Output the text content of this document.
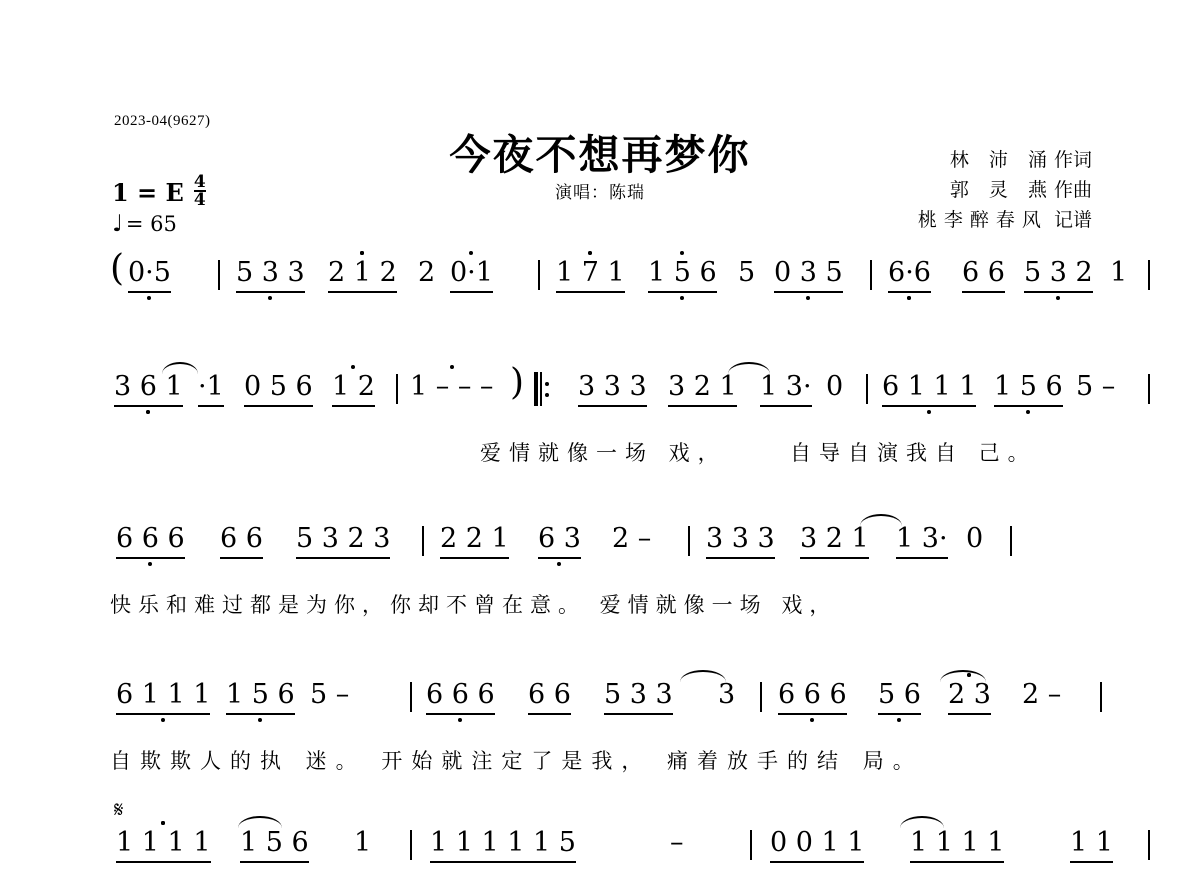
2023-04(9627)
今夜不想再梦你
演唱：陈瑞
林 沛 涌作词
郭 灵 燕作曲
桃李醉春风 记谱
1 = E $\frac{4}{4}$
♩ = 65
( 0·5 5 3 3 2 1 2 2 0·1 1 7 1 1 5 6 5 0 3 5 6·6 6 6 5 3 2 1
3 6 1 ·1 0 5 6 1 2 1 – – – ) 3 3 3 3 2 1 1 3· 0 6 1 1 1 1 5 6 5 –
爱情就像一场 戏，	自导自演我自 己。
6 6 6 6 6 5 3 2 3 2 2 1 6 3 2 – 3 3 3 3 2 1 1 3· 0
快乐和难过都是为你，你却不曾在意。 爱情就像一场 戏，
6 1 1 1 1 5 6 5 –	6 6 6 6 6 5 3 3 3 6 6 6 5 6 2 3 2 –
自欺欺人的执 迷。 开始就注定了是我， 痛着放手的结 局。
𝄋
1 1 1 1 1 5 6 1 1 1 1 1 1 5	–	0 0 1 1 1 1 1 1 1 1
